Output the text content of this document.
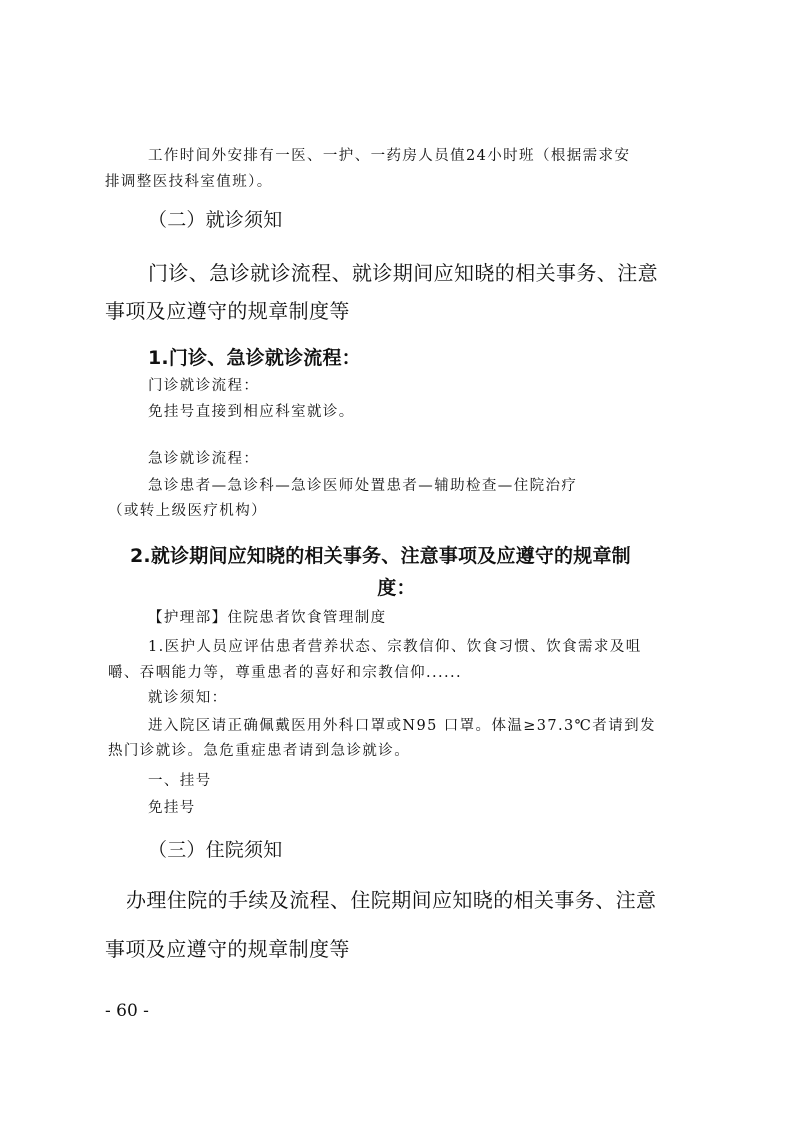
工作时间外安排有一医、一护、一药房人员值24小时班（根据需求安

排调整医技科室值班）。

（二）就诊须知

门诊、急诊就诊流程、就诊期间应知晓的相关事务、注意

事项及应遵守的规章制度等

1.门诊、急诊就诊流程：

门诊就诊流程：

免挂号直接到相应科室就诊。

急诊就诊流程：

急诊患者—急诊科—急诊医师处置患者—辅助检查—住院治疗

（或转上级医疗机构）

2.就诊期间应知晓的相关事务、注意事项及应遵守的规章制

度：

【护理部】住院患者饮食管理制度

1.医护人员应评估患者营养状态、宗教信仰、饮食习惯、饮食需求及咀

嚼、吞咽能力等，尊重患者的喜好和宗教信仰......

就诊须知：

进入院区请正确佩戴医用外科口罩或N95 口罩。体温≥37.3℃者请到发

热门诊就诊。急危重症患者请到急诊就诊。

一、挂号

免挂号

（三）住院须知

办理住院的手续及流程、住院期间应知晓的相关事务、注意

事项及应遵守的规章制度等

- 60 -
